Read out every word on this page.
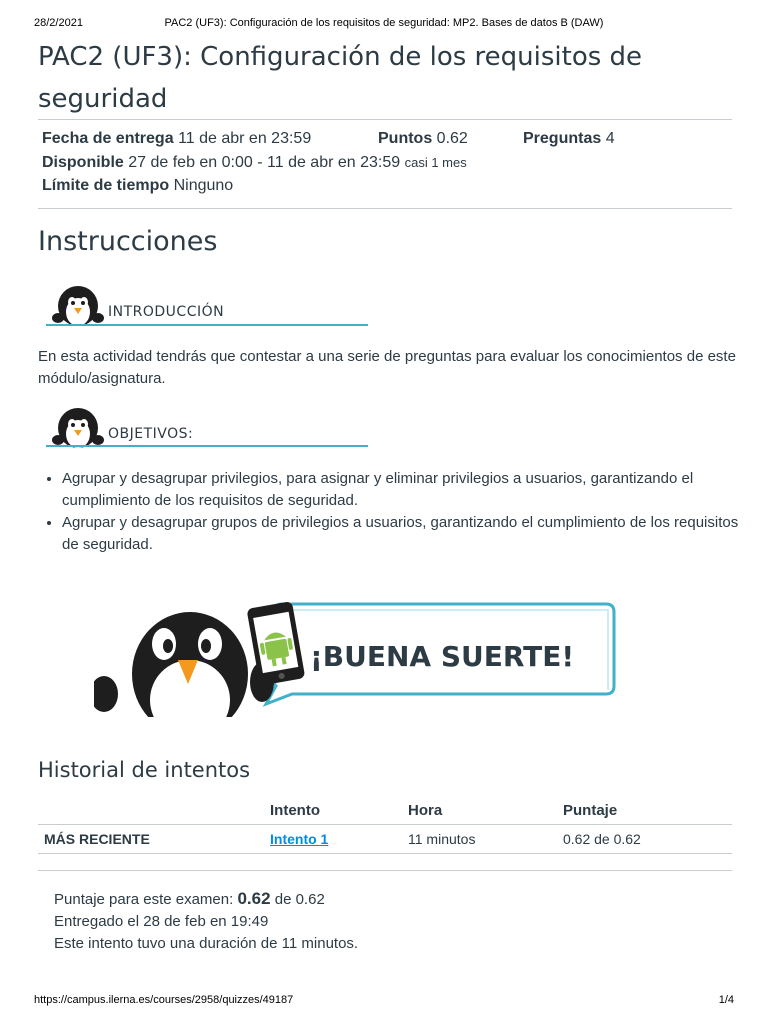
28/2/2021	PAC2 (UF3): Configuración de los requisitos de seguridad: MP2. Bases de datos B (DAW)
PAC2 (UF3): Configuración de los requisitos de seguridad
Fecha de entrega 11 de abr en 23:59	Puntos 0.62	Preguntas 4
Disponible 27 de feb en 0:00 - 11 de abr en 23:59 casi 1 mes
Límite de tiempo Ninguno
Instrucciones
INTRODUCCIÓN

En esta actividad tendrás que contestar a una serie de preguntas para evaluar los conocimientos de este módulo/asignatura.

OBJETIVOS:
• Agrupar y desagrupar privilegios, para asignar y eliminar privilegios a usuarios, garantizando el cumplimiento de los requisitos de seguridad.
• Agrupar y desagrupar grupos de privilegios a usuarios, garantizando el cumplimiento de los requisitos de seguridad.
¡BUENA SUERTE!
Historial de intentos
	Intento	Hora	Puntaje
MÁS RECIENTE	Intento 1	11 minutos	0.62 de 0.62
Puntaje para este examen: 0.62 de 0.62
Entregado el 28 de feb en 19:49
Este intento tuvo una duración de 11 minutos.
https://campus.ilerna.es/courses/2958/quizzes/49187	1/4
